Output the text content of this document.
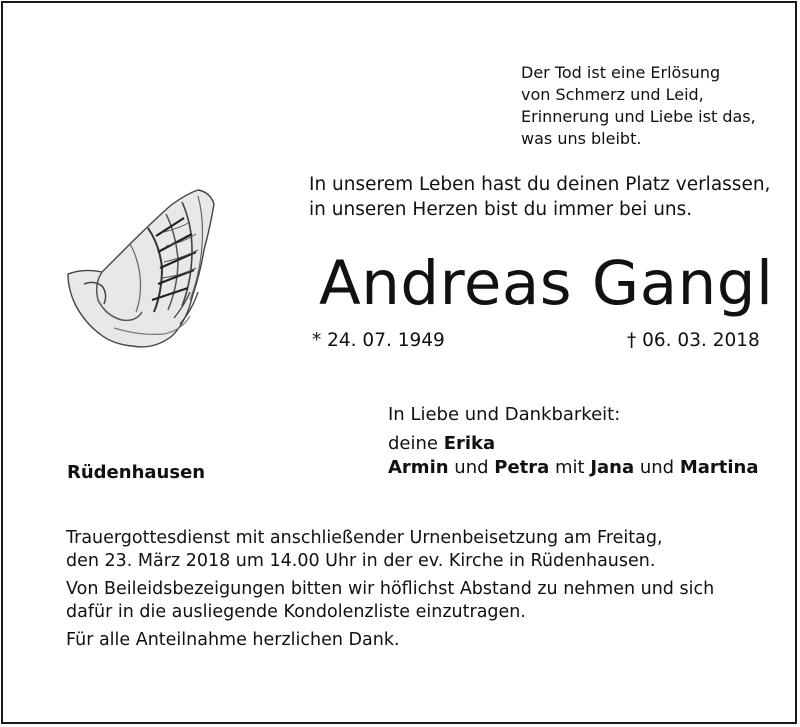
Der Tod ist eine Erlösung
von Schmerz und Leid,
Erinnerung und Liebe ist das,
was uns bleibt.
In unserem Leben hast du deinen Platz verlassen,
in unseren Herzen bist du immer bei uns.
Andreas Gangl
* 24. 07. 1949	† 06. 03. 2018
In Liebe und Dankbarkeit:
deine Erika
Armin und Petra mit Jana und Martina
Rüdenhausen
Trauergottesdienst mit anschließender Urnenbeisetzung am Freitag,
den 23. März 2018 um 14.00 Uhr in der ev. Kirche in Rüdenhausen.
Von Beileidsbezeigungen bitten wir höflichst Abstand zu nehmen und sich
dafür in die ausliegende Kondolenzliste einzutragen.
Für alle Anteilnahme herzlichen Dank.
